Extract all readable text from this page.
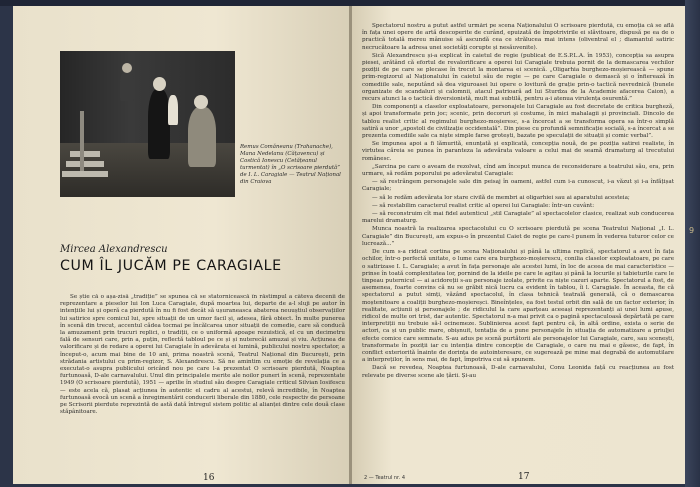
Remus Comăneanu (Trahanache), Mana Nedelanu (Cățavencu) și Costică Ionescu (Cetățeanul turmentat) în „O scrisoare pierdută” de I. L. Caragiale — Teatrul Național din Craiova
Mircea Alexandrescu
CUM ÎL JUCĂM PE CARAGIALE
Se știe că o așa-zisă „tradiție” se spunea că se statornicească în răstimpul a câteva decenii de reprezentare a pieselor lui Ion Luca Caragiale, după moartea lui, departe de a-l sluji pe autor în intențiile lui și operă ca pierdută în nu fi fost decât să ușuraneasca abaterea neuuștiul observațiilor lui satirice spre comicul lui, spre situații de un umor facil și, adesea, fără obiect. În multe punerea în scenă din trecut, accentul cădea tocmai pe încălcarea unor situații de comedie, care să conducă la amuzament prin trucuri replici, o tradiții, ce o uniformă apoape rezuistică, el cu un decimetru fală de sensuri care, prin a, puțin, reflectă tabloul pe ce și și nuterecăi amuzai și viu. Acțiunea de valorificare și de redare a operei lui Caragiale în adevărata ei lumină, publicului nostru spectator, a început-o, acum mai bine de 10 ani, prima noastră scenă, Teatrul Național din București, prin strădania artistului cu prim-regizor, S. Alexandrescu. Să ne amintim cu emoție de revelația ce a executat-o asupra publicului oricând nou pe care l-a prezentat O scrisoare pierdută, Noaptea furtunoasă, D-ale carnavalului. Unul din principalele merite ale noilor puneri în scenă, reprezentate 1949 (O scrisoare pierdută), 1951 — aprilie în studiul său despre Caragiale criticul Silvian Iosifescu — este acela că, plasat acțiunea în autentic el cadru al acestui, relevă incredibile, în Noaptea furtunoasă evocă un scenă a înregimentării conducerii liberale din 1880, cele respectiv de persoane pe Scrisorii pierdute reprezintă de astă dată întregul sistem politic al alianței dintre cele două clase stăpânitoare.
16

Spectatorul nostru a putut astfel urmări pe scena Naționalului O scrisoare pierdută, cu emoția că se află în fața unei opere de artă descoperite de curând, epuizată de împotrivirile ei slăvitoare, dispusă pe ea de o practică totală mereu mânuise să ascundă cea ce strălucea mai intens (oliventral el ; diamantul satiric necrucătoare la adresa unei societăți corupte și nesăuvenite).

Sică Alexandrescu și-a explicat în caietul de regie (publicat de E.S.P.L.A. în 1953), concepția sa asupra piesei, arătând că efortul de revalorificare a operei lui Caragiale trebuia pornit de la demascarea vechilor poziții de pe care se plecase în trecut la montarea ei scenică. „Oligarhia burghezo-moșierească — spune prim-regizorul al Naționalului în caietul său de regie — pe care Caragiale o demască și o înfierează în comediile sale, neputând să dea viguroasei lui opere o lovitură de grație prin-o tactică nevrednică (bunele organizate de scandaluri și calomnii, atacul patrioară ad lui Sturdza de la Academie afacerea Caion), a recurs atunci la o tactică diversionistă, mult mai subtilă, pentru a-i atenua virulența osurentă.”

Din componenți a claselor exploatatoare, personajele lui Caragiale au fost decretate de critica burgheză, și apoi transformate prin joc; scenic, prin decoruri și costume, în mici mahalagii și provinciali. Dincolo de tablou realist critic al regimului burghezo-moșieresc, s-a încercat a se transforma opera sa într-o simplă satiră a unor „apostoli de civilizație occidentală”. Din piese cu profundă semnificație socială, s-a încercat a se prezenta comediile sale ca niște simple farse grotești, bazate pe speculații de situații și comic verbal”.

Se impunea apoi a fi lămurită, enunțată și explicată, concepția nouă, de pe poziția satirei realiste, în virtutea căreia se punea în paranteza la adevărata valoare a celui mai de seamă dramaturg al trecutului românesc.

„Sarcina pe care o aveam de rezolvat, cînd am început munca de reconsiderare a teatrului său, era, prin urmare, să redăm poporului pe adevăratul Caragiale:

— să restrângem personajele sale din peisaj în oameni, astfel cum i-a cunoscut, i-a văzut și i-a înfățișat Caragiale;

— să le redăm adevărata lor stare civilă de membri ai oligarhiei sau ai aparatului acesteia;

— să restabilim caracterul realist critic al operei lui Caragiale: într-un cuvânt:

— să reconstruim cît mai fidel autenticul „stil Caragiale” al spectacolelor clasice, realizat sub conducerea marelui dramaturg.

Munca noastră la realizarea spectacolului cu O scrisoare pierdută pe scena Teatrului Național „I. L. Caragiale” din București, am expus-o în prezentul Caiet de regie pe care-l punem în vederea tuturor celor ce lucrează...”

De cum s-a ridicat cortina pe scena Naționalului și până la ultima replică, spectatorul a avut în fața ochilor, într-o perfectă unitate, o lume care era burghezo-moșierescu, conilia claselor exploatatoare, pe care o satirizase I. L. Caragiale; a avut în fața personaje ale acestei lumi, în loc de aceea de mai caracteristice — prinse în toată complexitatea lor, pornind de la ideile pe care le agitau și până la locurile și tabieturile care le tinpeau puternicul — ai acidoreții s-au personaje izolate, privite ca niște cazuri aparte. Spectatorul a fost, de asemenea, foarte convins că nu se grăbit nică lucru ca evident în tablou, îi l. Caragiale. În aceasta, fie că spectatorul a putut simți, văzând spectacolul, în clasa tehnică teatrală generală, că o demascarea moștenitoare a coaliții burghezo-moșiereșci. Bineînțeles, ea fost testul orbit din sală de un factor exterior, în realitate, acțiunii și personajele ; de ridiculul la care aparțeau aceeași reprezentanți ai unei lumi apuse, ridicol de multe ori trist, dar autentic. Spectatorul n-a mai privit ca o pagină spectaculoasă depărtată pe care interpretiții nu trebuie să-l ocinemeze. Sublinierea acest fapt pentru că, în altă ordine, exista o serie de actori, ca și un public mare, obișnuit, tentația de a pune personajele în situația de automatizare a priuljei efecte comice care semnate. S-au adus pe scenă purtătorii ale personajelor lui Caragiale, care, sau scenești, transformate în poziții iar cu intenția dintre concepție de Caragiale, o care nu mai e găsesc, de fapt, în conflict exteriorită înainte de dorința de autointeresare, ce sugerează pe mine mai degrabă de automutilare a interpreților, în sens mai, de fapt, împotriva cui să spunem.

Dacă se revedea, Noaptea furtunoasă, D-ale carnavalului, Conu Leonida față cu reacțiunea au fost relevate pe diverse scene ale țării. Și-au

2 — Teatrul nr. 4	17
9
